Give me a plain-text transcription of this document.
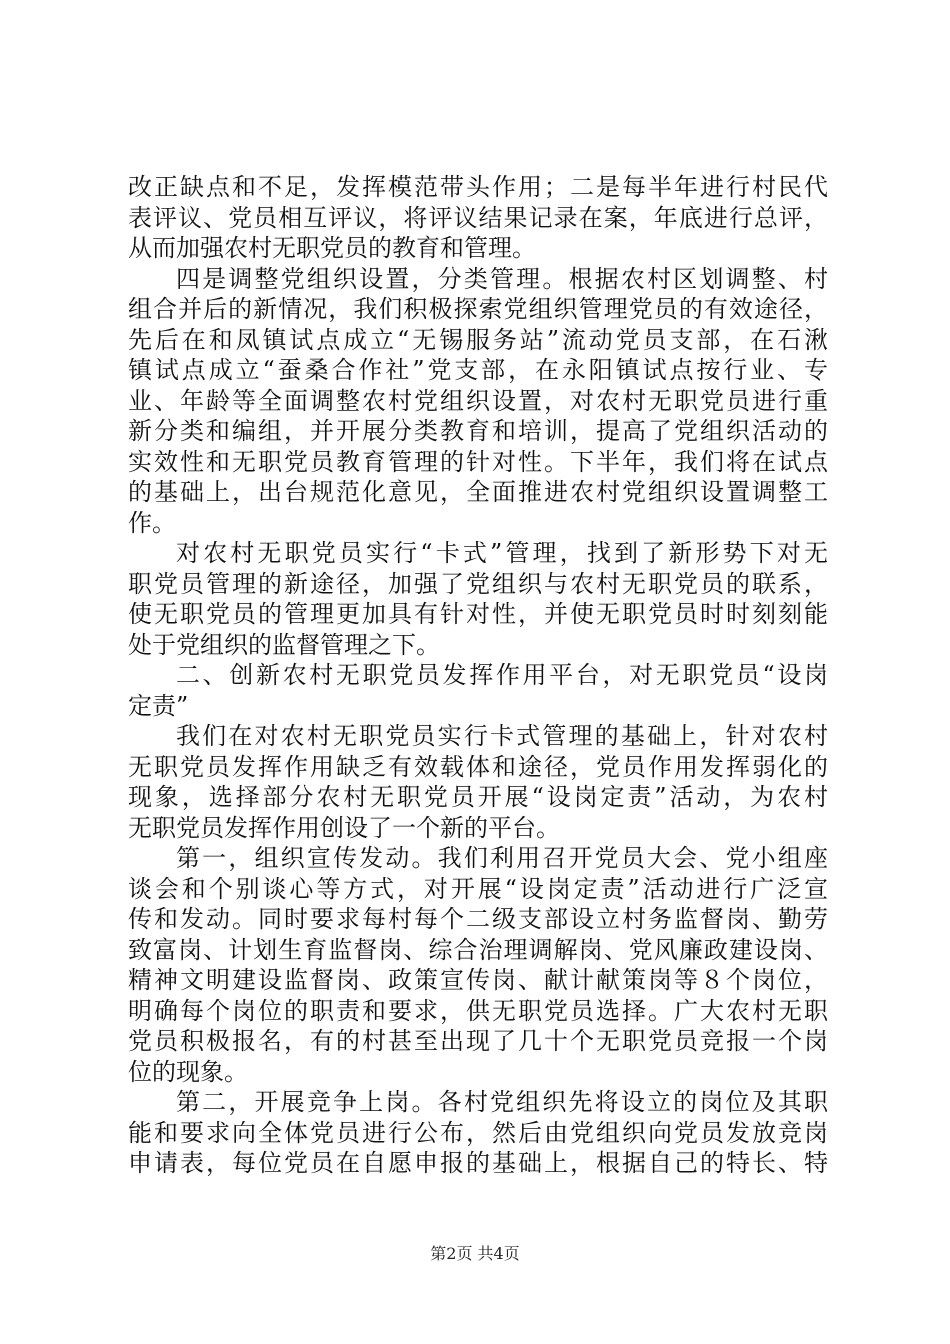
改正缺点和不足，发挥模范带头作用；二是每半年进行村民代
表评议、党员相互评议，将评议结果记录在案，年底进行总评，
从而加强农村无职党员的教育和管理。
四是调整党组织设置，分类管理。根据农村区划调整、村
组合并后的新情况，我们积极探索党组织管理党员的有效途径，
先后在和凤镇试点成立“无锡服务站”流动党员支部，在石湫
镇试点成立“蚕桑合作社”党支部，在永阳镇试点按行业、专
业、年龄等全面调整农村党组织设置，对农村无职党员进行重
新分类和编组，并开展分类教育和培训，提高了党组织活动的
实效性和无职党员教育管理的针对性。下半年，我们将在试点
的基础上，出台规范化意见，全面推进农村党组织设置调整工
作。
对农村无职党员实行“卡式”管理，找到了新形势下对无
职党员管理的新途径，加强了党组织与农村无职党员的联系，
使无职党员的管理更加具有针对性，并使无职党员时时刻刻能
处于党组织的监督管理之下。
二、创新农村无职党员发挥作用平台，对无职党员“设岗
定责”
我们在对农村无职党员实行卡式管理的基础上，针对农村
无职党员发挥作用缺乏有效载体和途径，党员作用发挥弱化的
现象，选择部分农村无职党员开展“设岗定责”活动，为农村
无职党员发挥作用创设了一个新的平台。
第一，组织宣传发动。我们利用召开党员大会、党小组座
谈会和个别谈心等方式，对开展“设岗定责”活动进行广泛宣
传和发动。同时要求每村每个二级支部设立村务监督岗、勤劳
致富岗、计划生育监督岗、综合治理调解岗、党风廉政建设岗、
精神文明建设监督岗、政策宣传岗、献计献策岗等８个岗位，
明确每个岗位的职责和要求，供无职党员选择。广大农村无职
党员积极报名，有的村甚至出现了几十个无职党员竞报一个岗
位的现象。
第二，开展竞争上岗。各村党组织先将设立的岗位及其职
能和要求向全体党员进行公布，然后由党组织向党员发放竞岗
申请表，每位党员在自愿申报的基础上，根据自己的特长、特
第2页 共4页
